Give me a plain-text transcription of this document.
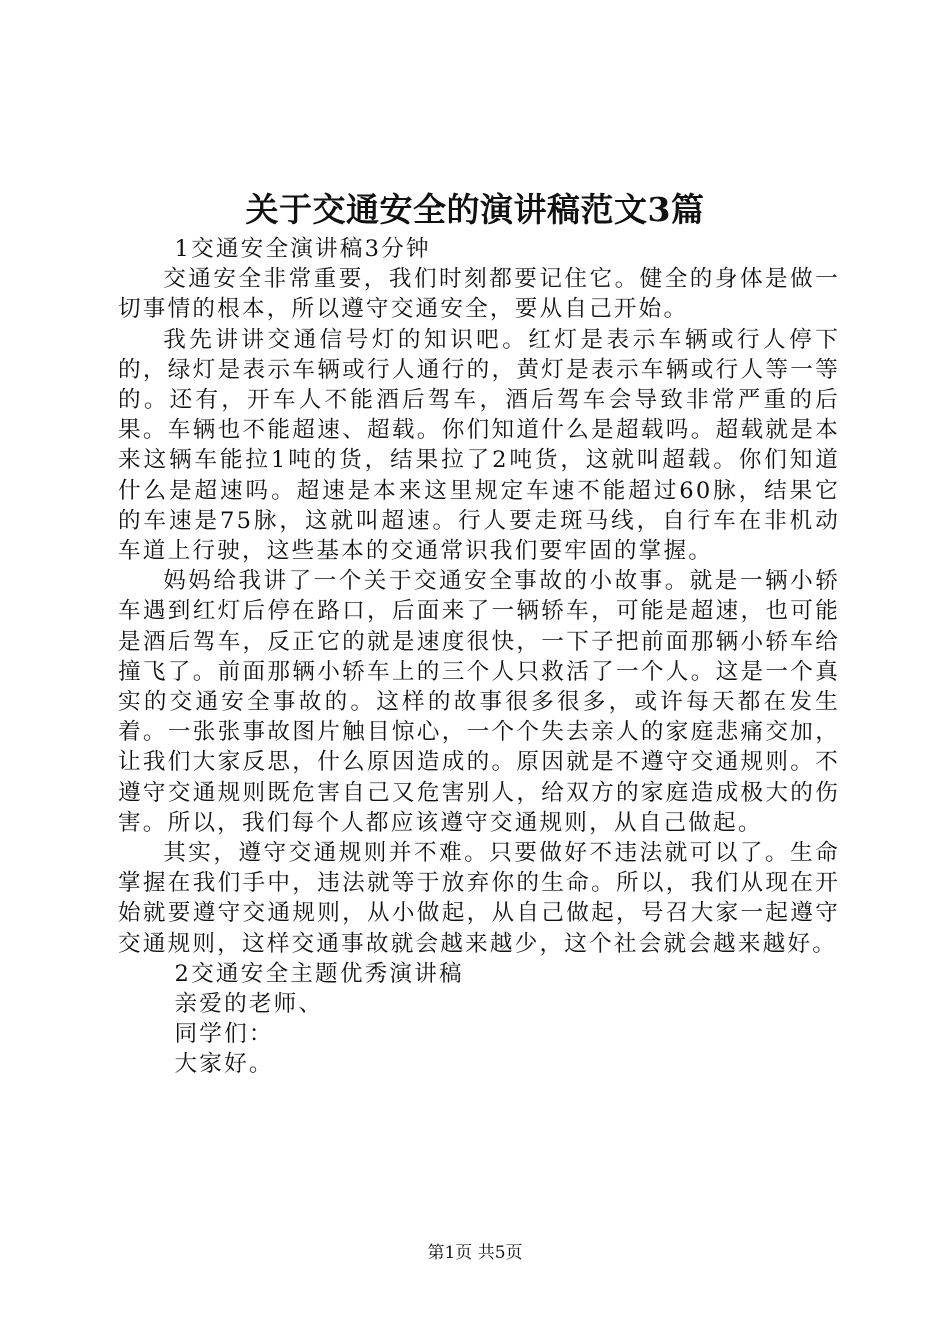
关于交通安全的演讲稿范文3篇

1交通安全演讲稿3分钟

交通安全非常重要，我们时刻都要记住它。健全的身体是做一切事情的根本，所以遵守交通安全，要从自己开始。

我先讲讲交通信号灯的知识吧。红灯是表示车辆或行人停下的，绿灯是表示车辆或行人通行的，黄灯是表示车辆或行人等一等的。还有，开车人不能酒后驾车，酒后驾车会导致非常严重的后果。车辆也不能超速、超载。你们知道什么是超载吗。超载就是本来这辆车能拉1吨的货，结果拉了2吨货，这就叫超载。你们知道什么是超速吗。超速是本来这里规定车速不能超过60脉，结果它的车速是75脉，这就叫超速。行人要走斑马线，自行车在非机动车道上行驶，这些基本的交通常识我们要牢固的掌握。

妈妈给我讲了一个关于交通安全事故的小故事。就是一辆小轿车遇到红灯后停在路口，后面来了一辆轿车，可能是超速，也可能是酒后驾车，反正它的就是速度很快，一下子把前面那辆小轿车给撞飞了。前面那辆小轿车上的三个人只救活了一个人。这是一个真实的交通安全事故的。这样的故事很多很多，或许每天都在发生着。一张张事故图片触目惊心，一个个失去亲人的家庭悲痛交加，让我们大家反思，什么原因造成的。原因就是不遵守交通规则。不遵守交通规则既危害自己又危害别人，给双方的家庭造成极大的伤害。所以，我们每个人都应该遵守交通规则，从自己做起。

其实，遵守交通规则并不难。只要做好不违法就可以了。生命掌握在我们手中，违法就等于放弃你的生命。所以，我们从现在开始就要遵守交通规则，从小做起，从自己做起，号召大家一起遵守交通规则，这样交通事故就会越来越少，这个社会就会越来越好。

2交通安全主题优秀演讲稿

亲爱的老师、

同学们：

大家好。

第1页 共5页
